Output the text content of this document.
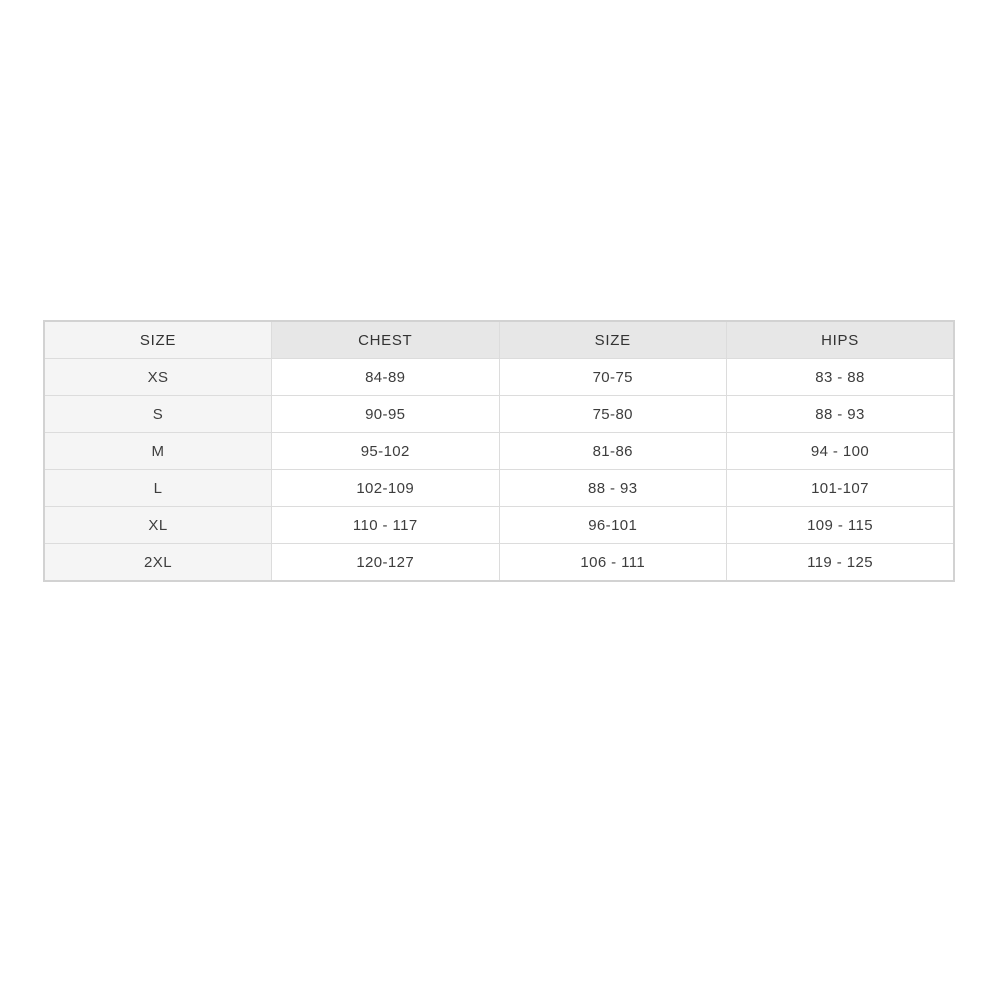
SIZE	CHEST	SIZE	HIPS
XS	84-89	70-75	83 - 88
S	90-95	75-80	88 - 93
M	95-102	81-86	94 - 100
L	102-109	88 - 93	101-107
XL	110 - 117	96-101	109 - 115
2XL	120-127	106 - 111	119 - 125
